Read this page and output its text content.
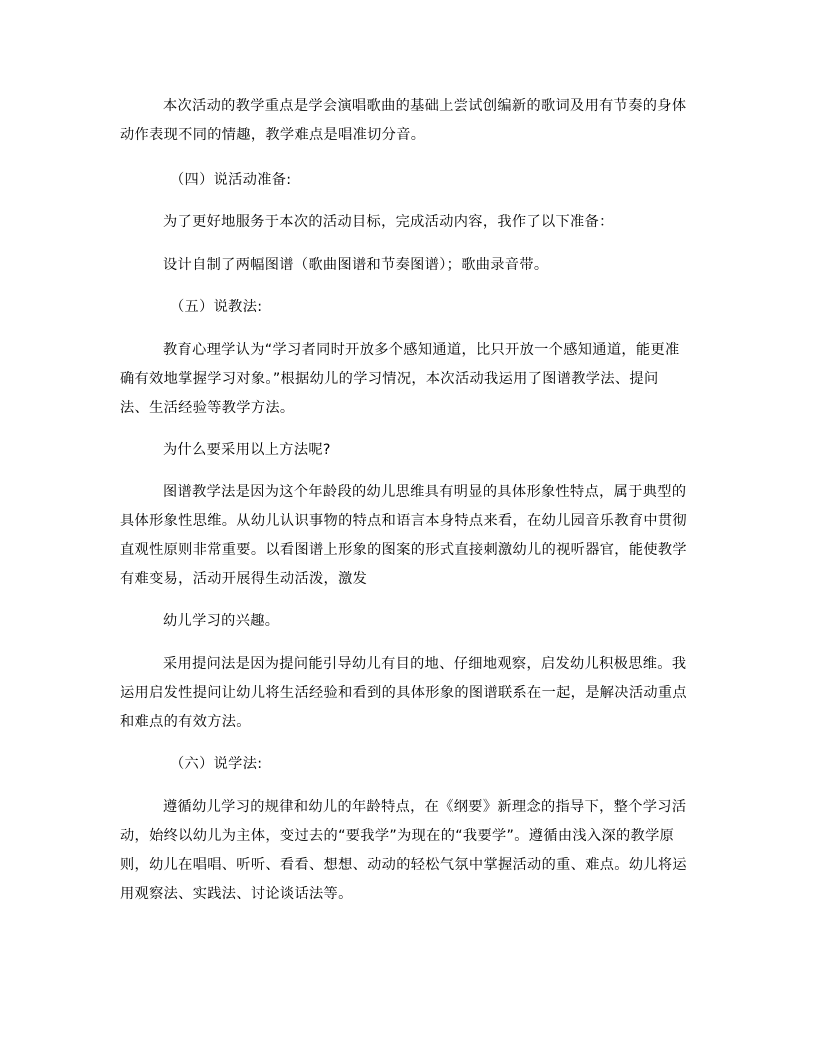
本次活动的教学重点是学会演唱歌曲的基础上尝试创编新的歌词及用有节奏的身体
动作表现不同的情趣，教学难点是唱准切分音。

（四）说活动准备:

为了更好地服务于本次的活动目标，完成活动内容，我作了以下准备：

设计自制了两幅图谱（歌曲图谱和节奏图谱）；歌曲录音带。

（五）说教法:

教育心理学认为“学习者同时开放多个感知通道，比只开放一个感知通道，能更准
确有效地掌握学习对象。”根据幼儿的学习情况，本次活动我运用了图谱教学法、提问
法、生活经验等教学方法。

为什么要采用以上方法呢?

图谱教学法是因为这个年龄段的幼儿思维具有明显的具体形象性特点，属于典型的
具体形象性思维。从幼儿认识事物的特点和语言本身特点来看，在幼儿园音乐教育中贯彻
直观性原则非常重要。以看图谱上形象的图案的形式直接刺激幼儿的视听器官，能使教学
有难变易，活动开展得生动活泼，激发

幼儿学习的兴趣。

采用提问法是因为提问能引导幼儿有目的地、仔细地观察，启发幼儿积极思维。我
运用启发性提问让幼儿将生活经验和看到的具体形象的图谱联系在一起，是解决活动重点
和难点的有效方法。

（六）说学法:

遵循幼儿学习的规律和幼儿的年龄特点，在《纲要》新理念的指导下，整个学习活
动，始终以幼儿为主体，变过去的“要我学”为现在的“我要学”。遵循由浅入深的教学原
则，幼儿在唱唱、听听、看看、想想、动动的轻松气氛中掌握活动的重、难点。幼儿将运
用观察法、实践法、讨论谈话法等。
